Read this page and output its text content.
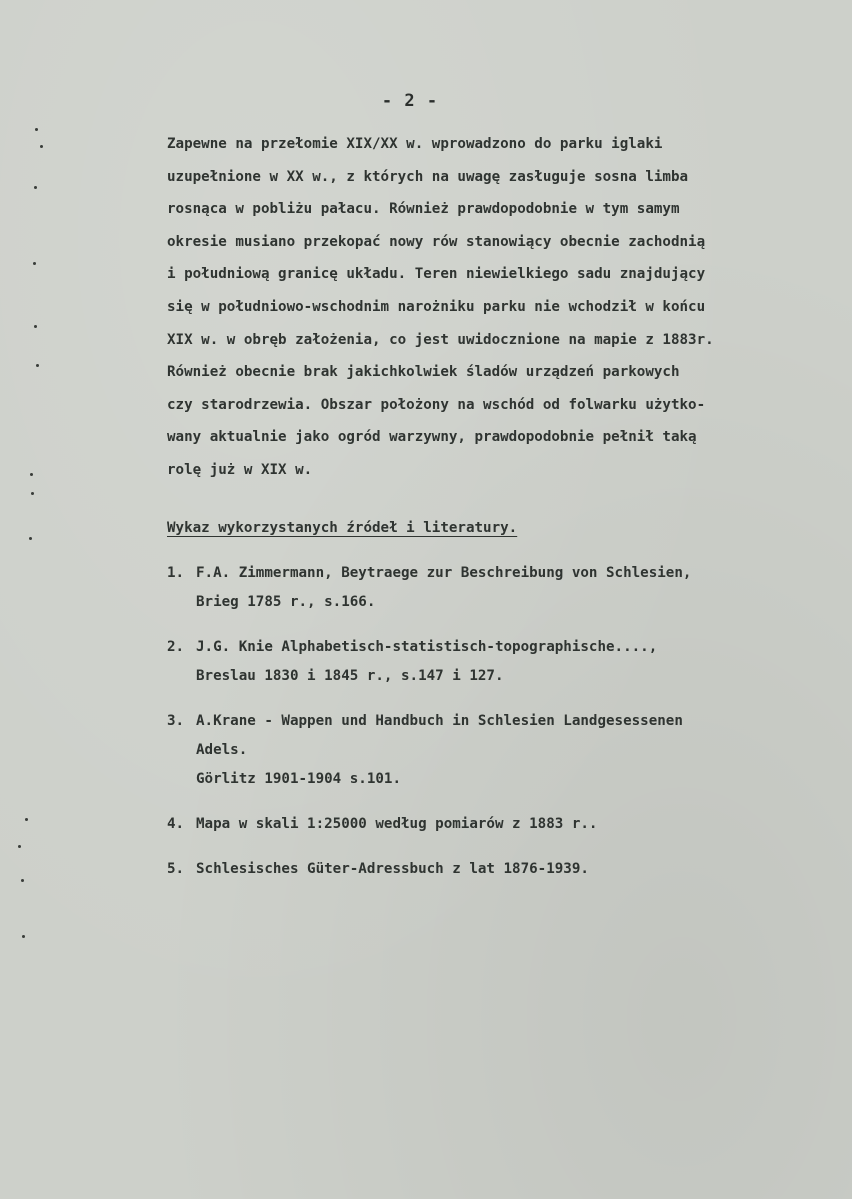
- 2 -
Zapewne na przełomie XIX/XX w. wprowadzono do parku iglaki
uzupełnione w XX w., z których na uwagę zasługuje sosna limba
rosnąca w pobliżu pałacu. Również prawdopodobnie w tym samym
okresie musiano przekopać nowy rów stanowiący obecnie zachodnią
i południową granicę układu. Teren niewielkiego sadu znajdujący
się w południowo-wschodnim narożniku parku nie wchodził w końcu
XIX w. w obręb założenia, co jest uwidocznione na mapie z 1883r.
Również obecnie brak jakichkolwiek śladów urządzeń parkowych
czy starodrzewia. Obszar położony na wschód od folwarku użytko-
wany aktualnie jako ogród warzywny, prawdopodobnie pełnił taką
rolę już w XIX w.
Wykaz wykorzystanych źródeł i literatury.
1. F.A. Zimmermann, Beytraege zur Beschreibung von Schlesien,
Brieg 1785 r., s.166.
2. J.G. Knie Alphabetisch-statistisch-topographische....,
Breslau 1830 i 1845 r., s.147 i 127.
3. A.Krane - Wappen und Handbuch in Schlesien Landgesessenen
Adels.
Görlitz 1901-1904 s.101.
4. Mapa w skali 1:25000 według pomiarów z 1883 r..
5. Schlesisches Güter-Adressbuch z lat 1876-1939.
